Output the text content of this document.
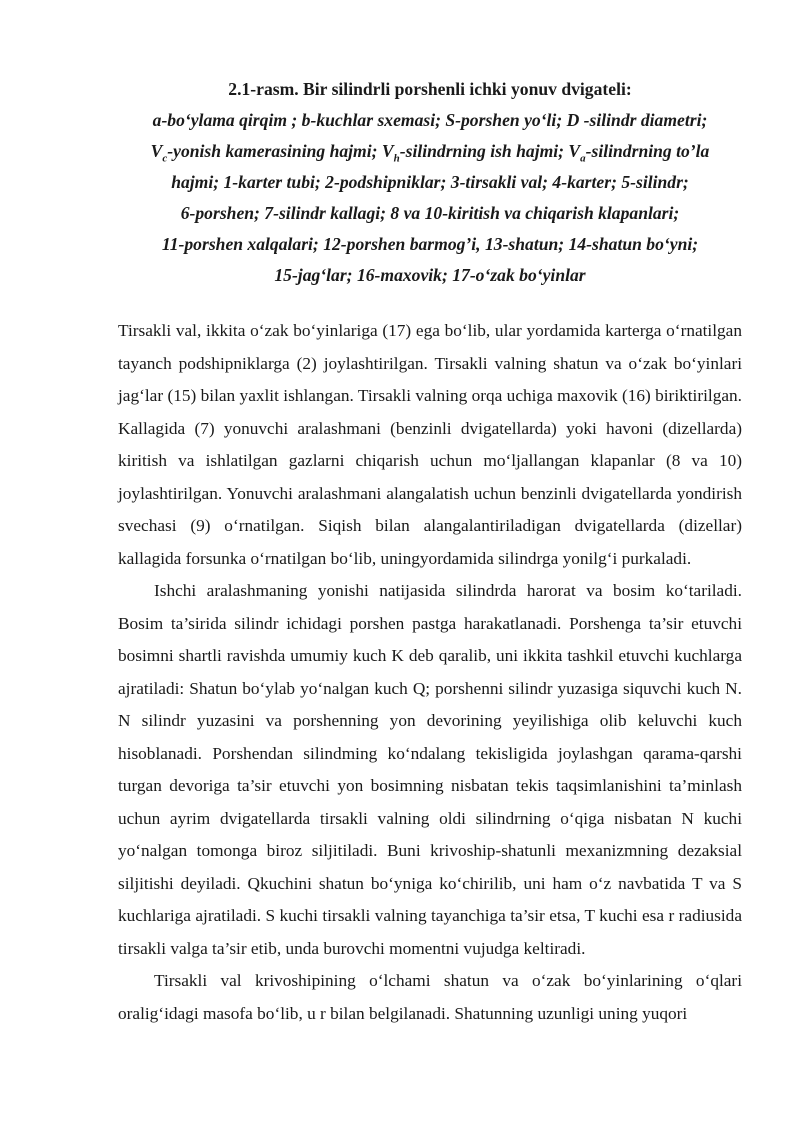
2.1-rasm. Bir silindrli porshenli ichki yonuv dvigateli:
a-bo‘ylama qirqim ; b-kuchlar sxemasi; S-porshen yo‘li; D -silindr diametri;
$V_c$-yonish kamerasining hajmi; $V_h$-silindrning ish hajmi; $V_a$-silindrning to’la
hajmi; 1-karter tubi; 2-podshipniklar; 3-tirsakli val; 4-karter; 5-silindr;
6-porshen; 7-silindr kallagi; 8 va 10-kiritish va chiqarish klapanlari;
11-porshen xalqalari; 12-porshen barmog’i, 13-shatun; 14-shatun bo‘yni;
15-jag‘lar; 16-maxovik; 17-o‘zak bo‘yinlar

Tirsakli val, ikkita o‘zak bo‘yinlariga (17) ega bo‘lib, ular yordamida karterga o‘rnatilgan tayanch podshipniklarga (2) joylashtirilgan. Tirsakli valning shatun va o‘zak bo‘yinlari jag‘lar (15) bilan yaxlit ishlangan. Tirsakli valning orqa uchiga maxovik (16) biriktirilgan. Kallagida (7) yonuvchi aralashmani (benzinli dvigatellarda) yoki havoni (dizellarda) kiritish va ishlatilgan gazlarni chiqarish uchun mo‘ljallangan klapanlar (8 va 10) joylashtirilgan. Yonuvchi aralashmani alangalatish uchun benzinli dvigatellarda yondirish svechasi (9) o‘rnatilgan. Siqish bilan alangalantiriladigan dvigatellarda (dizellar) kallagida forsunka o‘rnatilgan bo‘lib, uningyordamida silindrga yonilg‘i purkaladi.

Ishchi aralashmaning yonishi natijasida silindrda harorat va bosim ko‘tariladi. Bosim ta’sirida silindr ichidagi porshen pastga harakatlanadi. Porshenga ta’sir etuvchi bosimni shartli ravishda umumiy kuch K deb qaralib, uni ikkita tashkil etuvchi kuchlarga ajratiladi: Shatun bo‘ylab yo‘nalgan kuch Q; porshenni silindr yuzasiga siquvchi kuch N. N silindr yuzasini va porshenning yon devorining yeyilishiga olib keluvchi kuch hisoblanadi. Porshendan silindming ko‘ndalang tekisligida joylashgan qarama-qarshi turgan devoriga ta’sir etuvchi yon bosimning nisbatan tekis taqsimlanishini ta’minlash uchun ayrim dvigatellarda tirsakli valning oldi silindrning o‘qiga nisbatan N kuchi yo‘nalgan tomonga biroz siljitiladi. Buni krivoship-shatunli mexanizmning dezaksial siljitishi deyiladi. Qkuchini shatun bo‘yniga ko‘chirilib, uni ham o‘z navbatida T va S kuchlariga ajratiladi. S kuchi tirsakli valning tayanchiga ta’sir etsa, T kuchi esa r radiusida tirsakli valga ta’sir etib, unda burovchi momentni vujudga keltiradi.

Tirsakli val krivoshipining o‘lchami shatun va o‘zak bo‘yinlarining o‘qlari oralig‘idagi masofa bo‘lib, u r bilan belgilanadi. Shatunning uzunligi uning yuqori
